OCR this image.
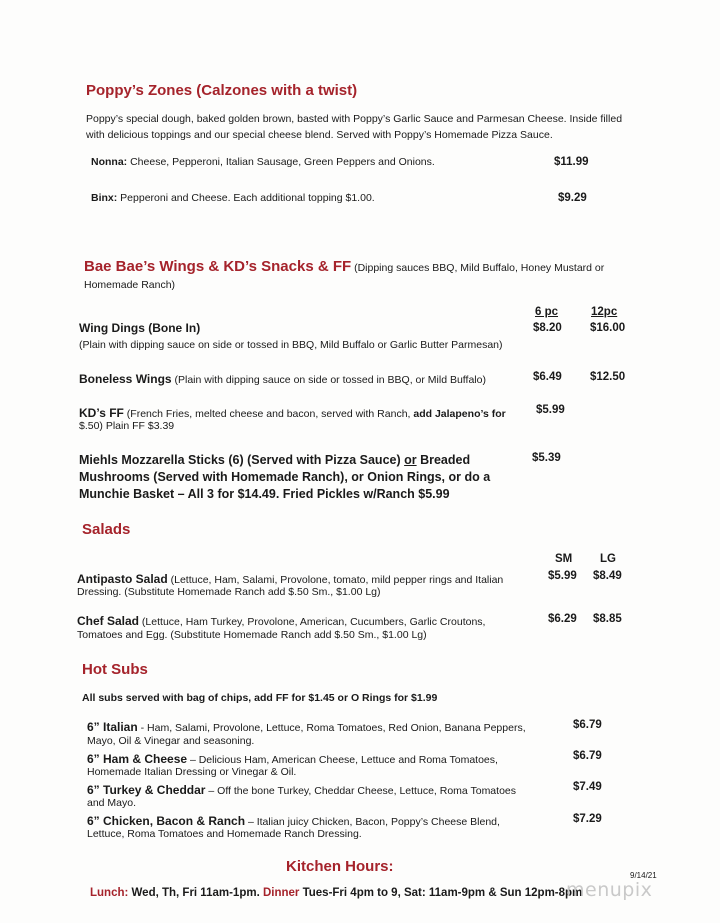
Poppy’s Zones (Calzones with a twist)
Poppy’s special dough, baked golden brown, basted with Poppy’s Garlic Sauce and Parmesan Cheese. Inside filled
with delicious toppings and our special cheese blend. Served with Poppy’s Homemade Pizza Sauce.
Nonna: Cheese, Pepperoni, Italian Sausage, Green Peppers and Onions.	$11.99
Binx: Pepperoni and Cheese. Each additional topping $1.00.	$9.29
Bae Bae’s Wings & KD’s Snacks & FF (Dipping sauces BBQ, Mild Buffalo, Honey Mustard or
Homemade Ranch)
6 pc	12pc
Wing Dings (Bone In)
(Plain with dipping sauce on side or tossed in BBQ, Mild Buffalo or Garlic Butter Parmesan)
$8.20 $16.00
Boneless Wings (Plain with dipping sauce on side or tossed in BBQ, or Mild Buffalo)	$6.49 $12.50
KD’s FF (French Fries, melted cheese and bacon, served with Ranch, add Jalapeno’s for
$.50) Plain FF $3.39
$5.99
Miehls Mozzarella Sticks (6) (Served with Pizza Sauce) or Breaded
Mushrooms (Served with Homemade Ranch), or Onion Rings, or do a
Munchie Basket – All 3 for $14.49. Fried Pickles w/Ranch $5.99
$5.39
Salads
SM LG
Antipasto Salad (Lettuce, Ham, Salami, Provolone, tomato, mild pepper rings and Italian
Dressing. (Substitute Homemade Ranch add $.50 Sm., $1.00 Lg)
$5.99 $8.49
Chef Salad (Lettuce, Ham Turkey, Provolone, American, Cucumbers, Garlic Croutons,
Tomatoes and Egg. (Substitute Homemade Ranch add $.50 Sm., $1.00 Lg)
$6.29 $8.85
Hot Subs
All subs served with bag of chips, add FF for $1.45 or O Rings for $1.99
6” Italian - Ham, Salami, Provolone, Lettuce, Roma Tomatoes, Red Onion, Banana Peppers,
Mayo, Oil & Vinegar and seasoning.
$6.79
6” Ham & Cheese – Delicious Ham, American Cheese, Lettuce and Roma Tomatoes,
Homemade Italian Dressing or Vinegar & Oil.
$6.79
6” Turkey & Cheddar – Off the bone Turkey, Cheddar Cheese, Lettuce, Roma Tomatoes
and Mayo.
$7.49
6” Chicken, Bacon & Ranch – Italian juicy Chicken, Bacon, Poppy’s Cheese Blend,
Lettuce, Roma Tomatoes and Homemade Ranch Dressing.
$7.29
Kitchen Hours:
9/14/21
Lunch: Wed, Th, Fri 11am-1pm. Dinner Tues-Fri 4pm to 9, Sat: 11am-9pm & Sun 12pm-8pm
menupix
